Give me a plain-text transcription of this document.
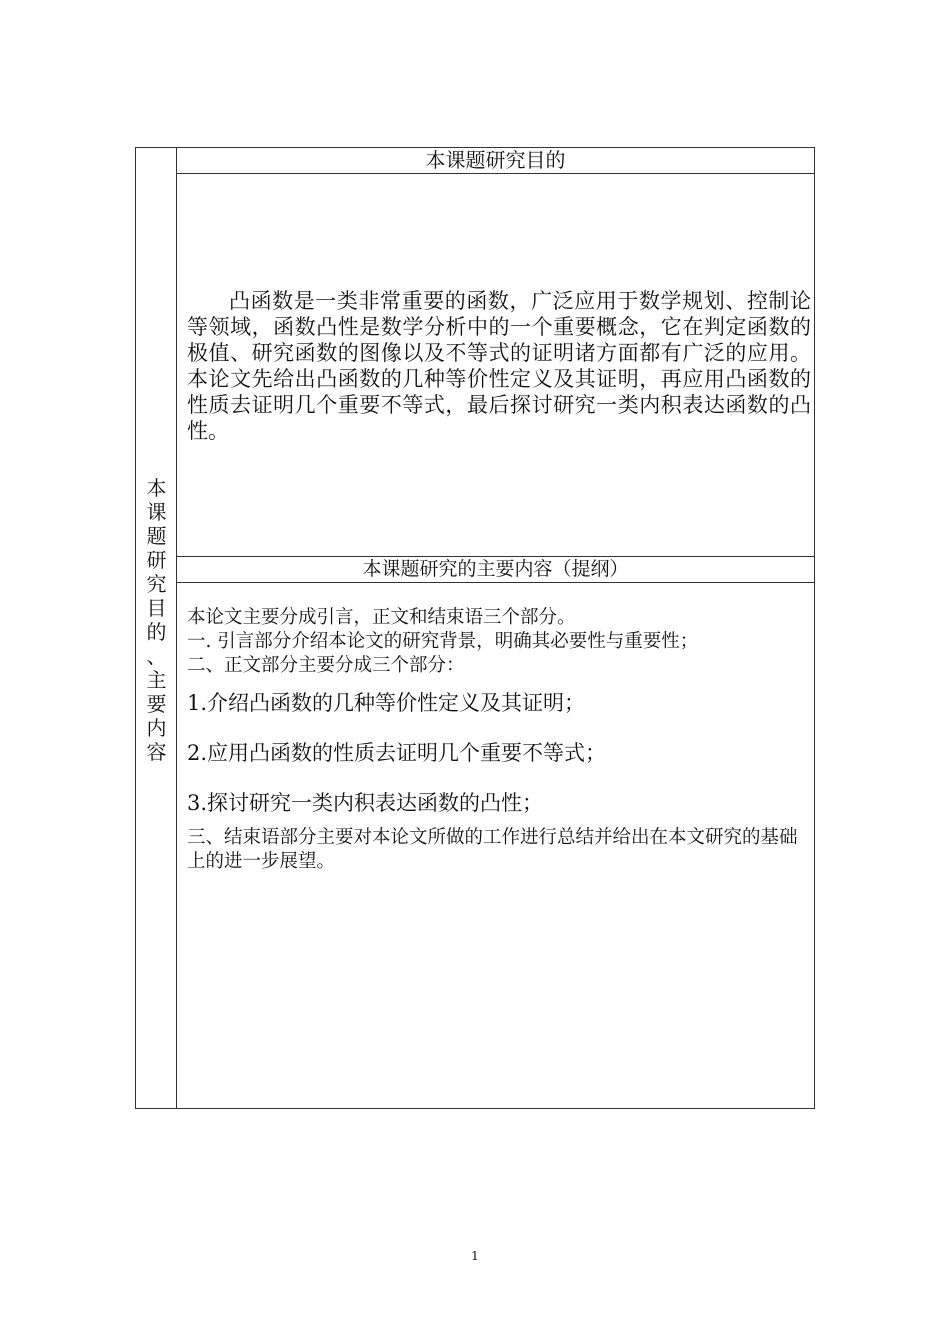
本
课
题
研
究
目
的
、
主
要
内
容
本课题研究目的
凸函数是一类非常重要的函数，广泛应用于数学规划、控制论等领域，函数凸性是数学分析中的一个重要概念，它在判定函数的极值、研究函数的图像以及不等式的证明诸方面都有广泛的应用。本论文先给出凸函数的几种等价性定义及其证明，再应用凸函数的性质去证明几个重要不等式，最后探讨研究一类内积表达函数的凸性。
本课题研究的主要内容（提纲）

本论文主要分成引言，正文和结束语三个部分。

一. 引言部分介绍本论文的研究背景，明确其必要性与重要性；

二、正文部分主要分成三个部分：

1.介绍凸函数的几种等价性定义及其证明；

2.应用凸函数的性质去证明几个重要不等式；

3.探讨研究一类内积表达函数的凸性；

三、结束语部分主要对本论文所做的工作进行总结并给出在本文研究的基础上的进一步展望。

1
